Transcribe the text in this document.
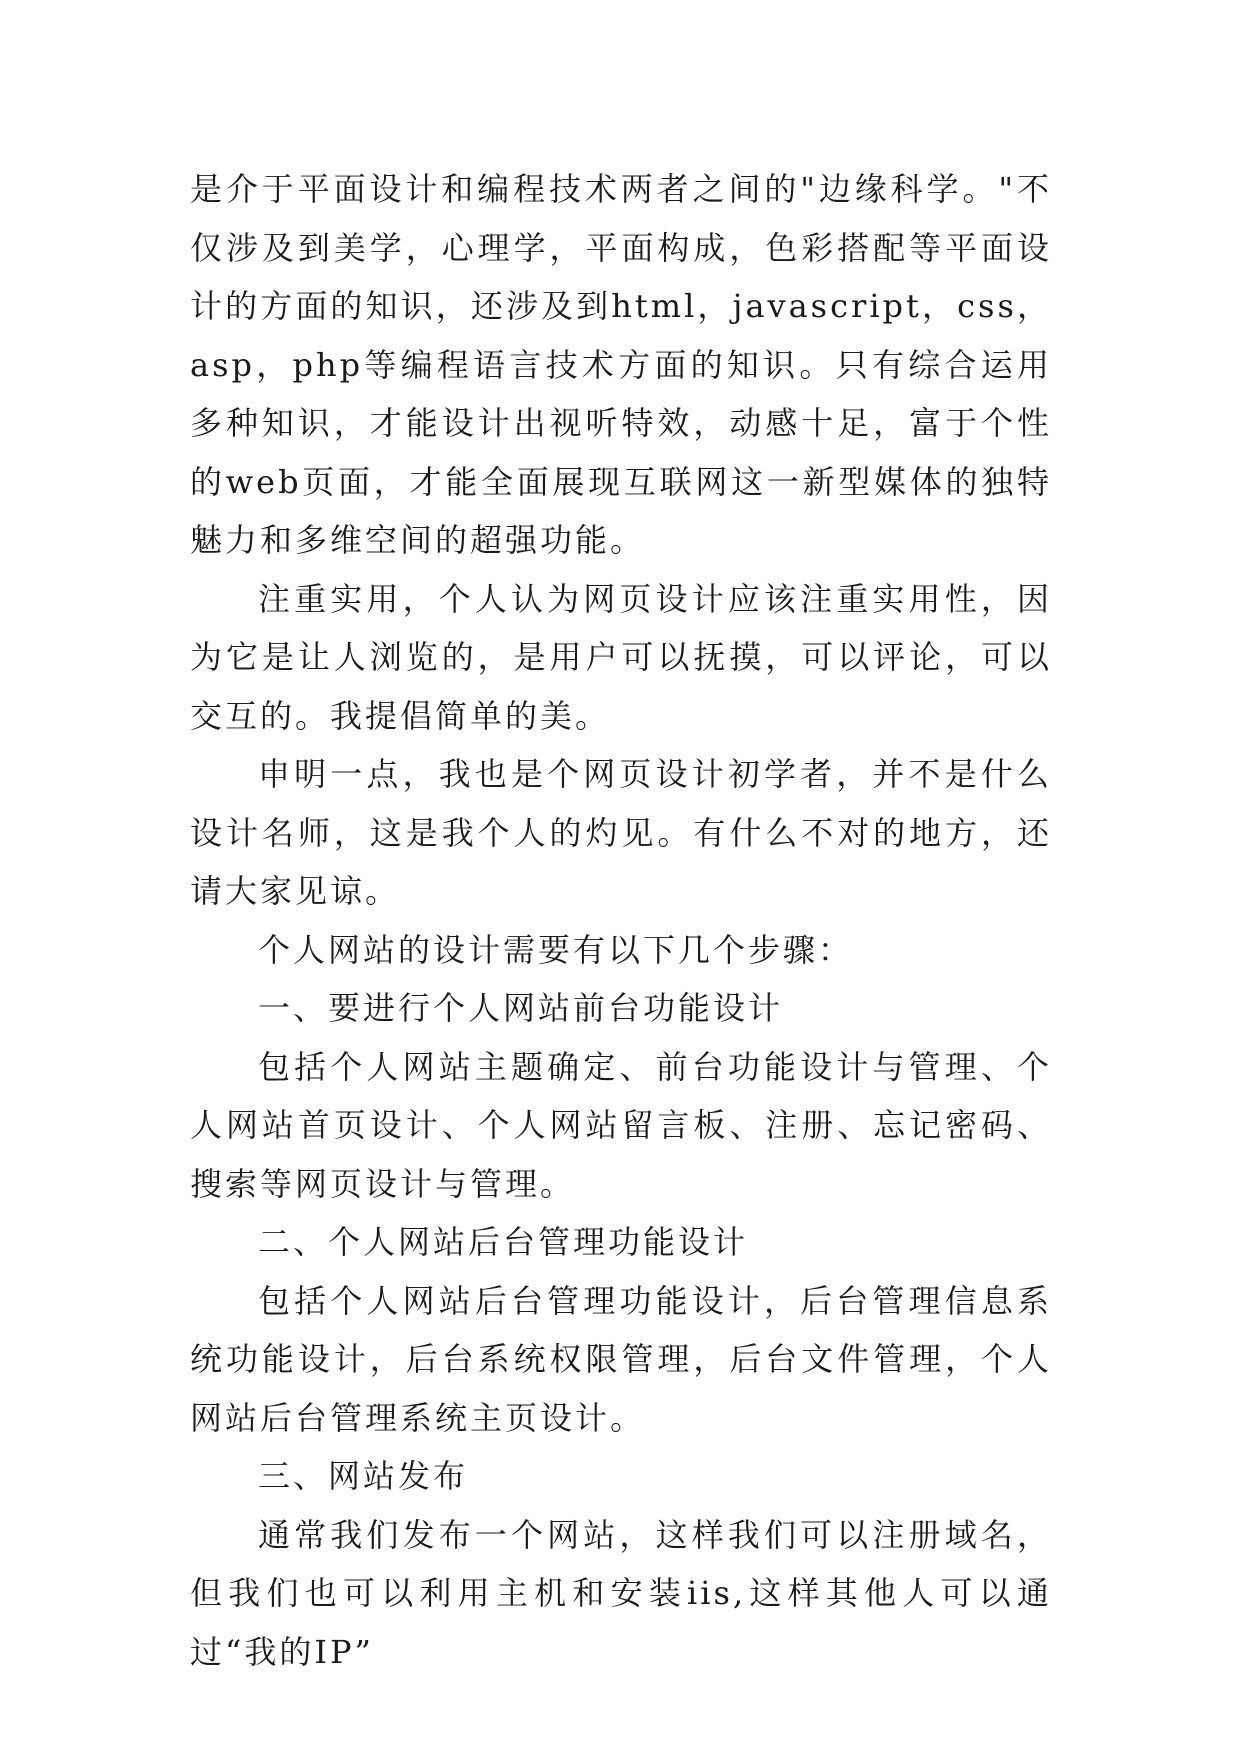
是介于平面设计和编程技术两者之间的"边缘科学。"不仅涉及到美学，心理学，平面构成，色彩搭配等平面设计的方面的知识，还涉及到html，javascript，css，asp，php等编程语言技术方面的知识。只有综合运用多种知识，才能设计出视听特效，动感十足，富于个性的web页面，才能全面展现互联网这一新型媒体的独特魅力和多维空间的超强功能。

注重实用，个人认为网页设计应该注重实用性，因为它是让人浏览的，是用户可以抚摸，可以评论，可以交互的。我提倡简单的美。

申明一点，我也是个网页设计初学者，并不是什么设计名师，这是我个人的灼见。有什么不对的地方，还请大家见谅。

个人网站的设计需要有以下几个步骤：

一、要进行个人网站前台功能设计

包括个人网站主题确定、前台功能设计与管理、个人网站首页设计、个人网站留言板、注册、忘记密码、搜索等网页设计与管理。

二、个人网站后台管理功能设计

包括个人网站后台管理功能设计，后台管理信息系统功能设计，后台系统权限管理，后台文件管理，个人网站后台管理系统主页设计。

三、网站发布

通常我们发布一个网站，这样我们可以注册域名，但我们也可以利用主机和安装iis,这样其他人可以通过“我的IP”
